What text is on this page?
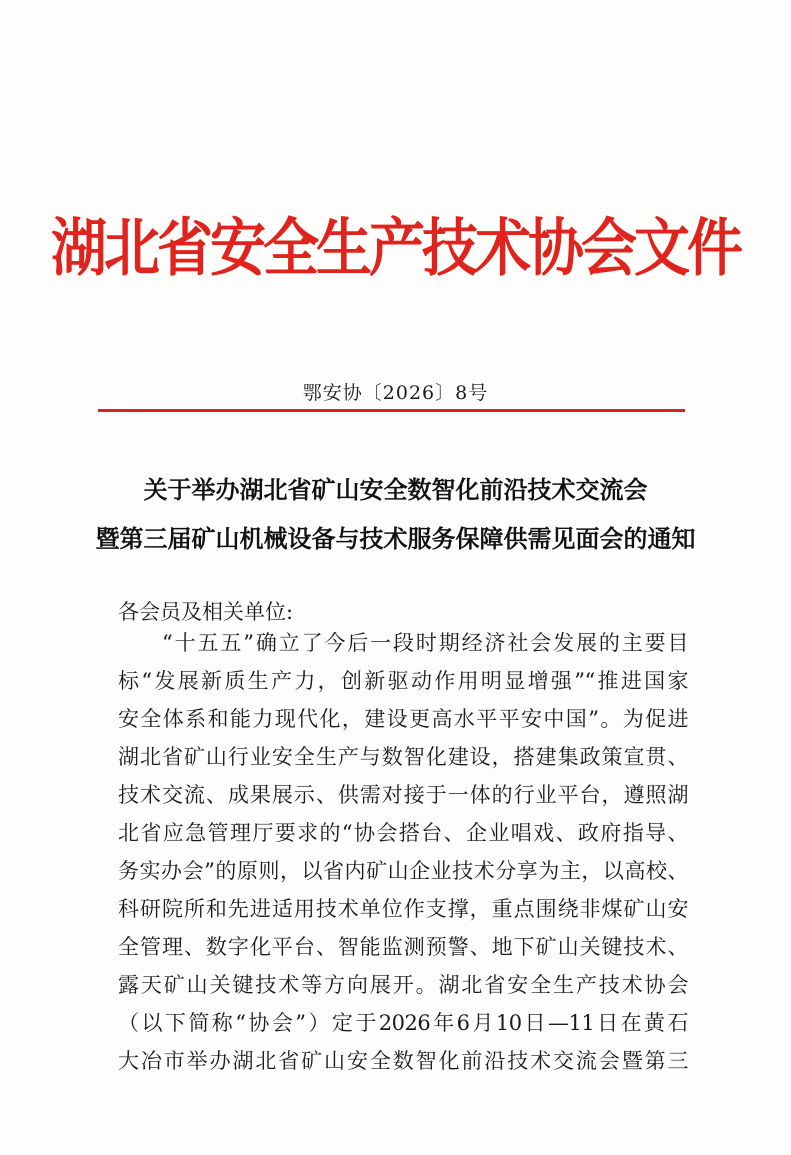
湖北省安全生产技术协会文件
鄂安协〔2026〕8号
关于举办湖北省矿山安全数智化前沿技术交流会
暨第三届矿山机械设备与技术服务保障供需见面会的通知
各会员及相关单位:
“十五五”确立了今后一段时期经济社会发展的主要目
标“发展新质生产力，创新驱动作用明显增强”“推进国家
安全体系和能力现代化，建设更高水平平安中国”。为促进
湖北省矿山行业安全生产与数智化建设，搭建集政策宣贯、
技术交流、成果展示、供需对接于一体的行业平台，遵照湖
北省应急管理厅要求的“协会搭台、企业唱戏、政府指导、
务实办会”的原则，以省内矿山企业技术分享为主，以高校、
科研院所和先进适用技术单位作支撑，重点围绕非煤矿山安
全管理、数字化平台、智能监测预警、地下矿山关键技术、
露天矿山关键技术等方向展开。湖北省安全生产技术协会
（以下简称“协会”）定于2026年6月10日—11日在黄石
大冶市举办湖北省矿山安全数智化前沿技术交流会暨第三
